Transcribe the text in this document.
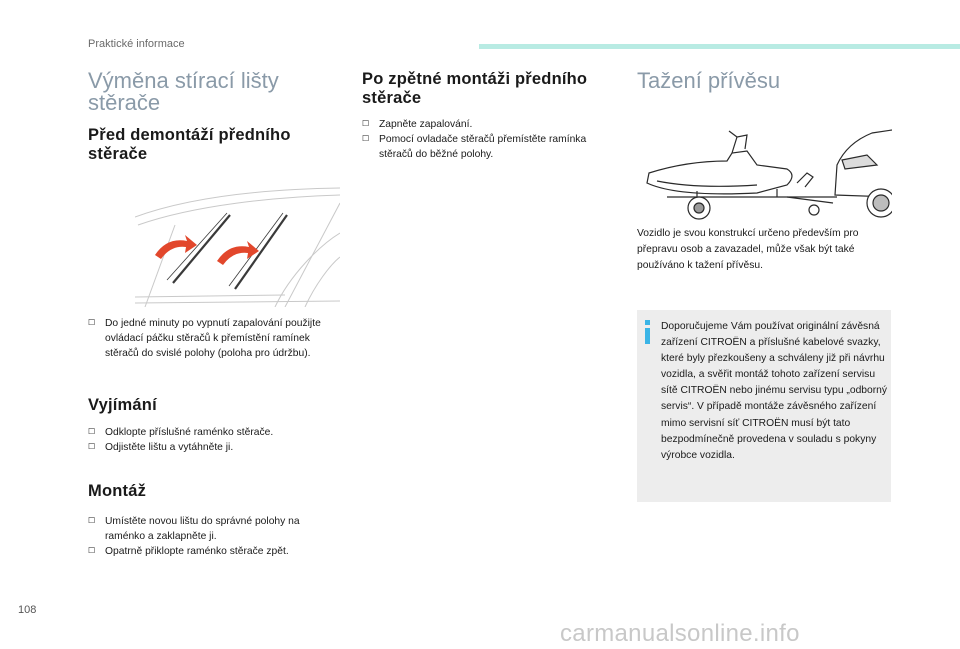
Praktické informace
Výměna stírací lišty stěrače
Před demontáží předního stěrače
☐ Do jedné minuty po vypnutí zapalování použijte ovládací páčku stěračů k přemístění ramínek stěračů do svislé polohy (poloha pro údržbu).
Vyjímání
☐ Odklopte příslušné raménko stěrače.
☐ Odjistěte lištu a vytáhněte ji.
Montáž
☐ Umístěte novou lištu do správné polohy na raménko a zaklapněte ji.
☐ Opatrně přiklopte raménko stěrače zpět.
Po zpětné montáži předního stěrače
☐ Zapněte zapalování.
☐ Pomocí ovladače stěračů přemístěte ramínka stěračů do běžné polohy.
Tažení přívěsu
Vozidlo je svou konstrukcí určeno především pro přepravu osob a zavazadel, může však být také používáno k tažení přívěsu.
Doporučujeme Vám používat originální závěsná zařízení CITROËN a příslušné kabelové svazky, které byly přezkoušeny a schváleny již při návrhu vozidla, a svěřit montáž tohoto zařízení servisu sítě CITROËN nebo jinému servisu typu „odborný servis“. V případě montáže závěsného zařízení mimo servisní síť CITROËN musí být tato bezpodmínečně provedena v souladu s pokyny výrobce vozidla.
108
carmanualsonline.info
